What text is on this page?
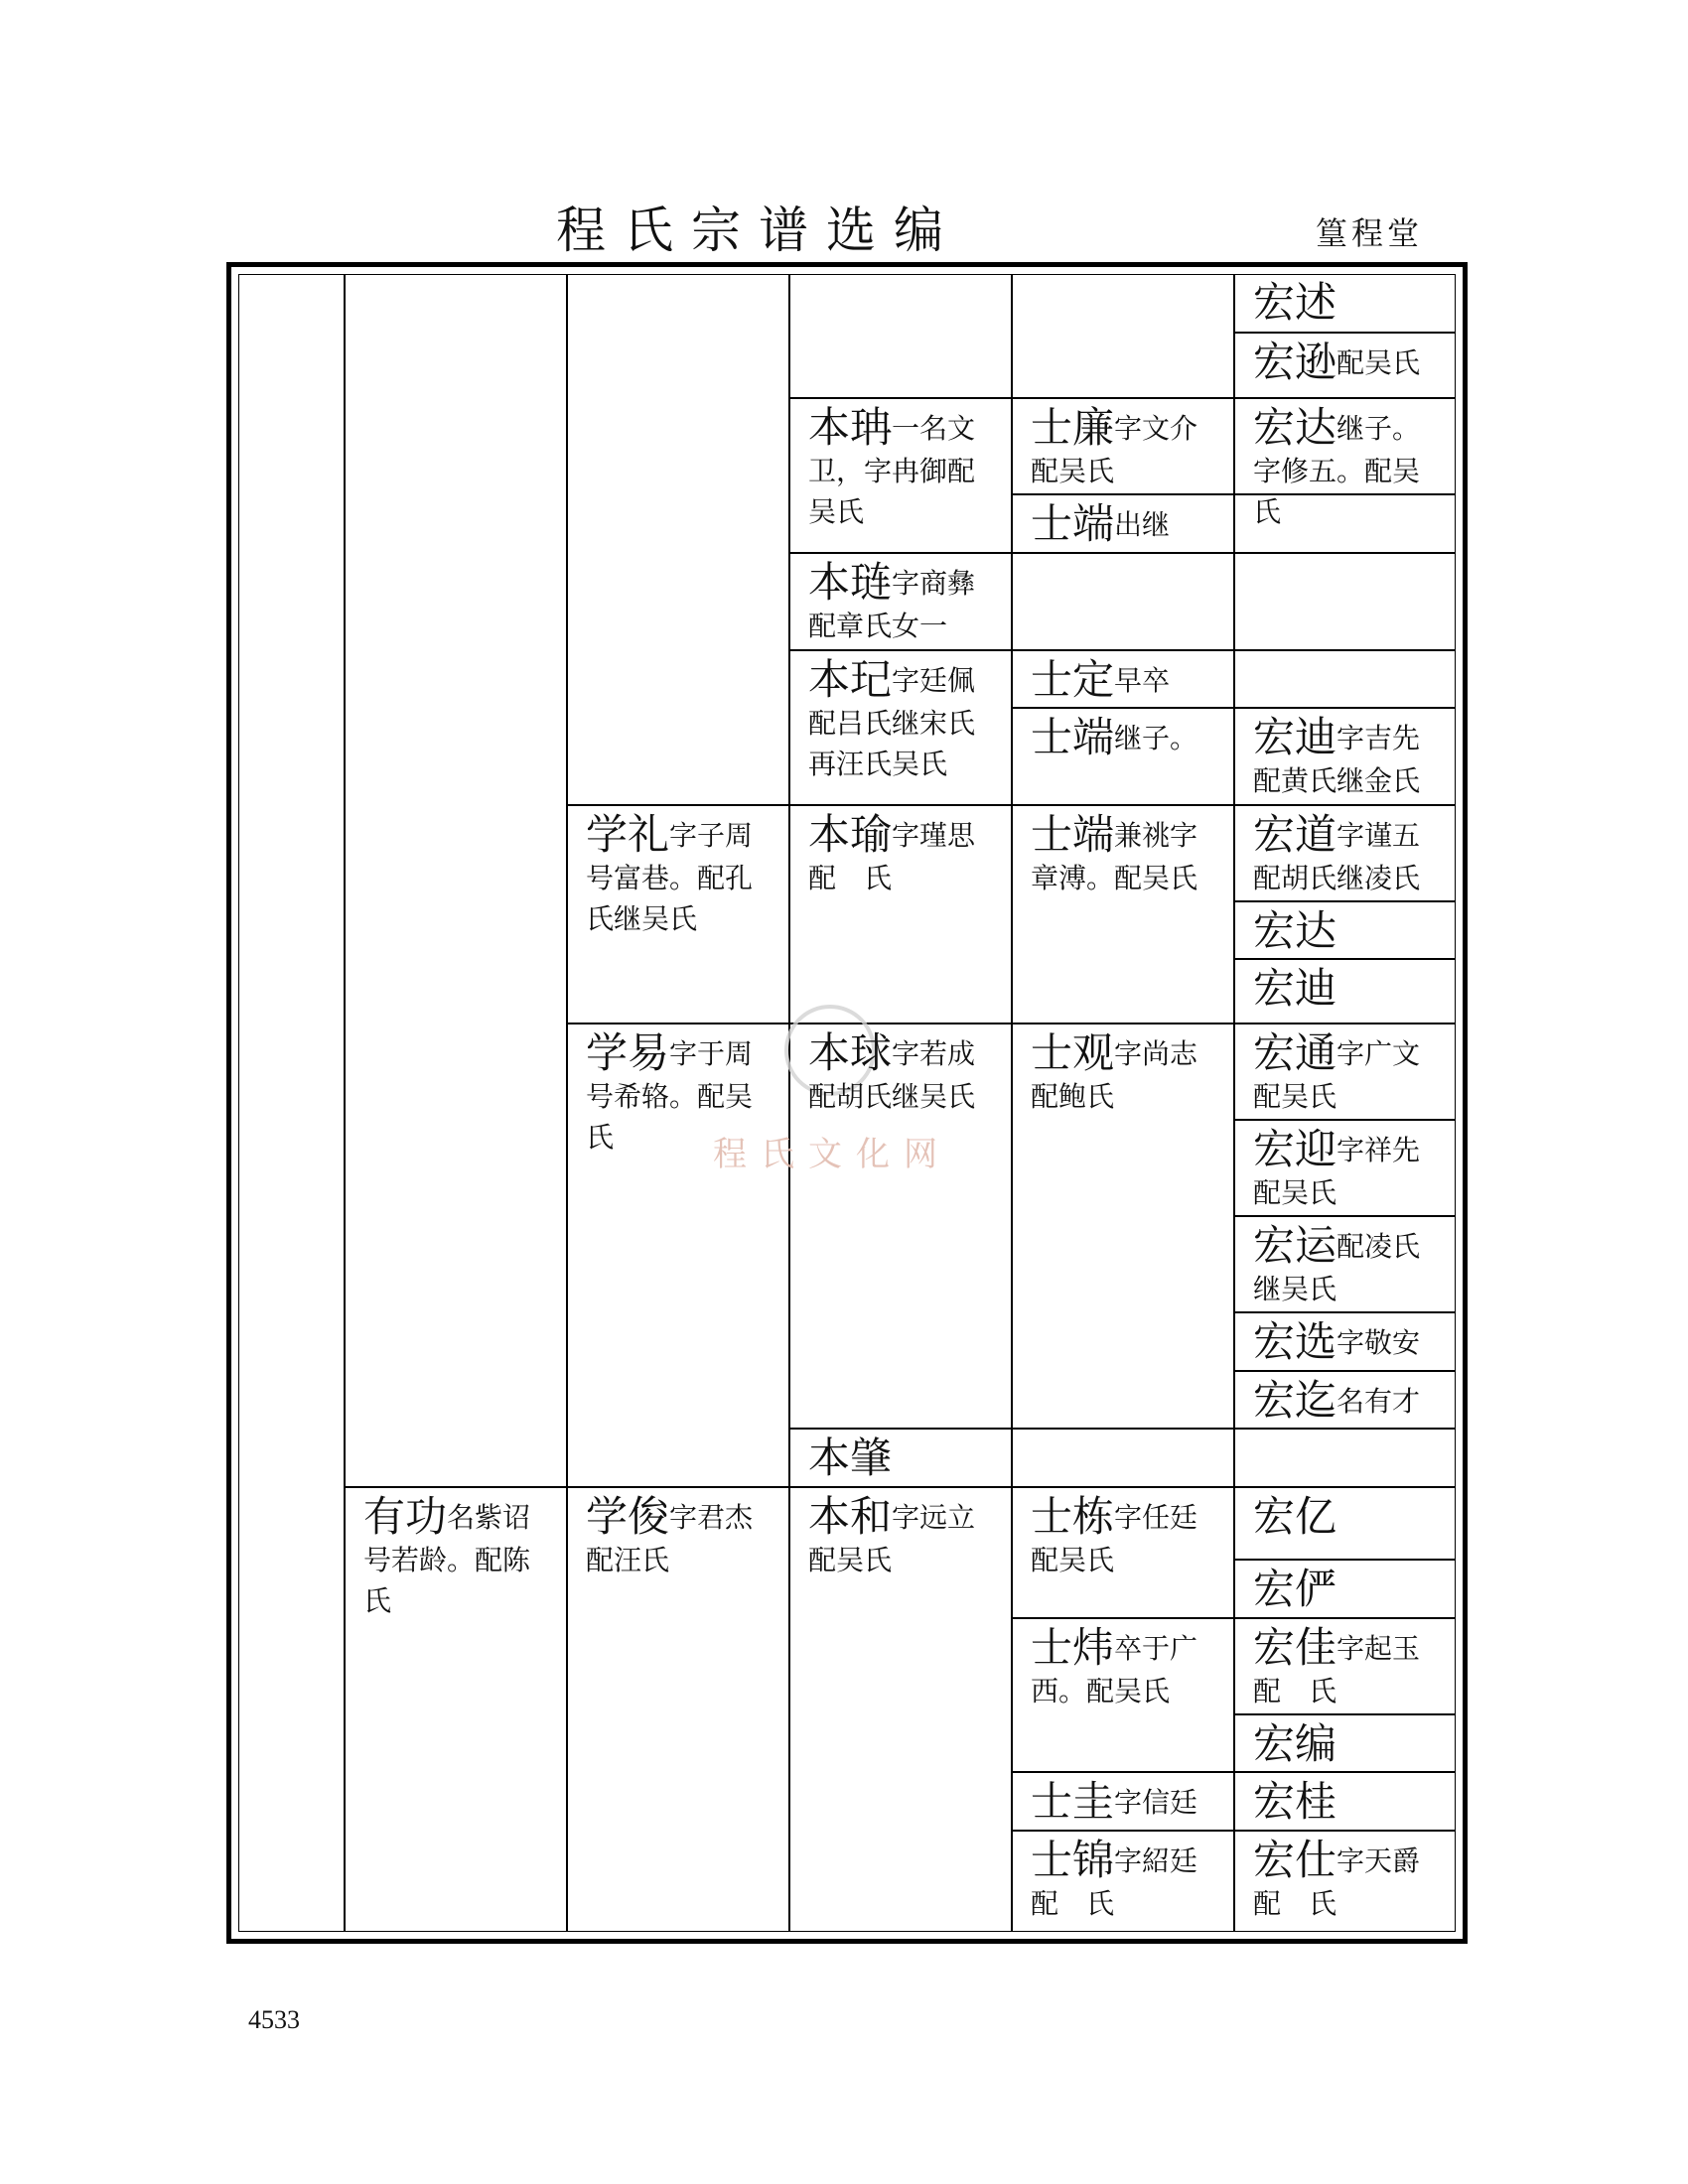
程氏宗谱选编	篁程堂
程氏文化网
宏述
宏逊配吴氏
宏达继子。字修五。配吴氏
宏迪字吉先配黄氏继金氏
宏道字谨五配胡氏继凌氏
宏达
宏迪
宏通字广文配吴氏
宏迎字祥先配吴氏
宏运配凌氏继吴氏
宏选字敬安
宏迄名有才
宏亿
宏俨
宏佳字起玉配　氏
宏编
宏桂
宏仕字天爵配　氏
士廉字文介配吴氏
士端出继
士定早卒
士端继子。
士端兼祧字章溥。配吴氏
士观字尚志配鲍氏
士栋字任廷配吴氏
士炜卒于广西。配吴氏
士圭字信廷
士锦字紹廷配　氏
本珃一名文卫，字冉御配吴氏
本琏字商彝配章氏女一
本玘字廷佩配吕氏继宋氏再汪氏吴氏
本瑜字瑾思配　氏
本球字若成配胡氏继吴氏
本肇
本和字远立配吴氏
学礼字子周号富巷。配孔氏继吴氏
学易字于周号希辂。配吴氏
学俊字君杰配汪氏
有功名紫诏号若龄。配陈氏
4533
